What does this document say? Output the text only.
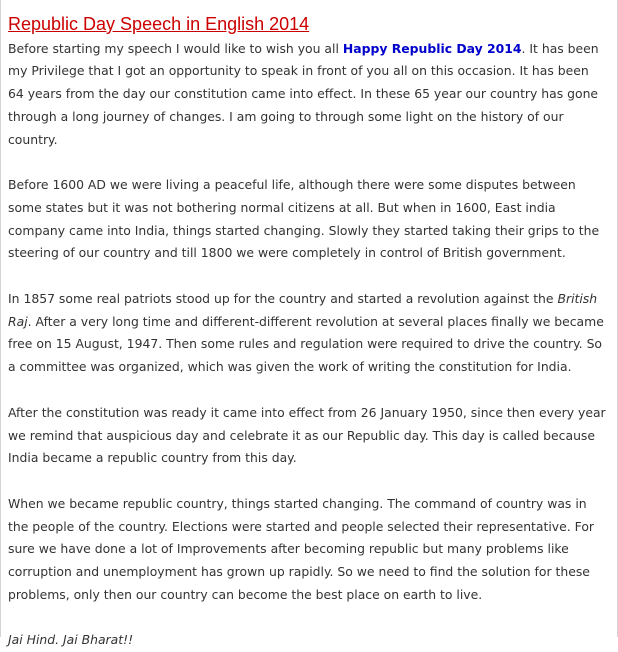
Republic Day Speech in English 2014

Before starting my speech I would like to wish you all Happy Republic Day 2014. It has been my Privilege that I got an opportunity to speak in front of you all on this occasion. It has been 64 years from the day our constitution came into effect. In these 65 year our country has gone through a long journey of changes. I am going to through some light on the history of our country.

Before 1600 AD we were living a peaceful life, although there were some disputes between some states but it was not bothering normal citizens at all. But when in 1600, East india company came into India, things started changing. Slowly they started taking their grips to the steering of our country and till 1800 we were completely in control of British government.

In 1857 some real patriots stood up for the country and started a revolution against the British Raj. After a very long time and different-different revolution at several places finally we became free on 15 August, 1947. Then some rules and regulation were required to drive the country. So a committee was organized, which was given the work of writing the constitution for India.

After the constitution was ready it came into effect from 26 January 1950, since then every year we remind that auspicious day and celebrate it as our Republic day. This day is called because India became a republic country from this day.

When we became republic country, things started changing. The command of country was in the people of the country. Elections were started and people selected their representative. For sure we have done a lot of Improvements after becoming republic but many problems like corruption and unemployment has grown up rapidly. So we need to find the solution for these problems, only then our country can become the best place on earth to live.

Jai Hind. Jai Bharat!!
